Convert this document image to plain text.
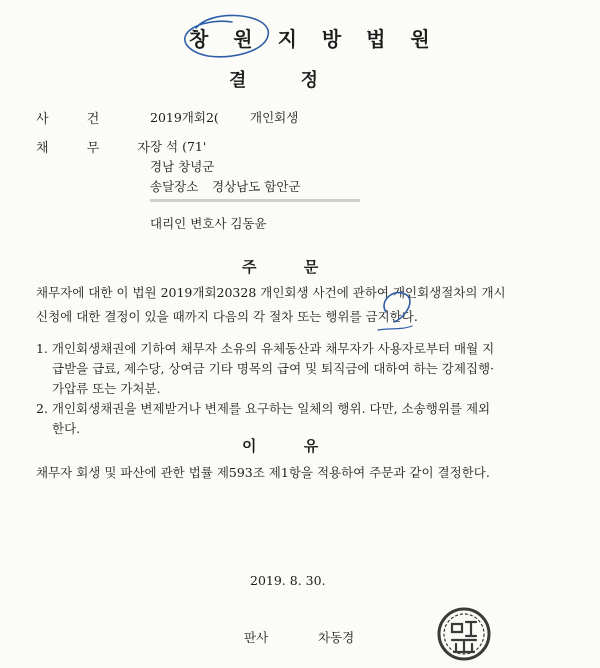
창 원 지 방 법 원
결 정
사 건	2019개회2( 개인회생
채 무 자
장 석 (71'
경남 창녕군
송달장소 경상남도 함안군
대리인 변호사 김동윤
주 문
채무자에 대한 이 법원 2019개회20328 개인회생 사건에 관하여 개인회생절차의 개시
신청에 대한 결정이 있을 때까지 다음의 각 절차 또는 행위를 금지한다.
1. 개인회생채권에 기하여 채무자 소유의 유체동산과 채무자가 사용자로부터 매월 지
급받을 급료, 제수당, 상여금 기타 명목의 급여 및 퇴직금에 대하여 하는 강제집행·
가압류 또는 가처분.
2. 개인회생채권을 변제받거나 변제를 요구하는 일체의 행위. 다만, 소송행위를 제외
한다.
이 유
채무자 회생 및 파산에 관한 법률 제593조 제1항을 적용하여 주문과 같이 결정한다.
2019. 8. 30.
판사	차동경
